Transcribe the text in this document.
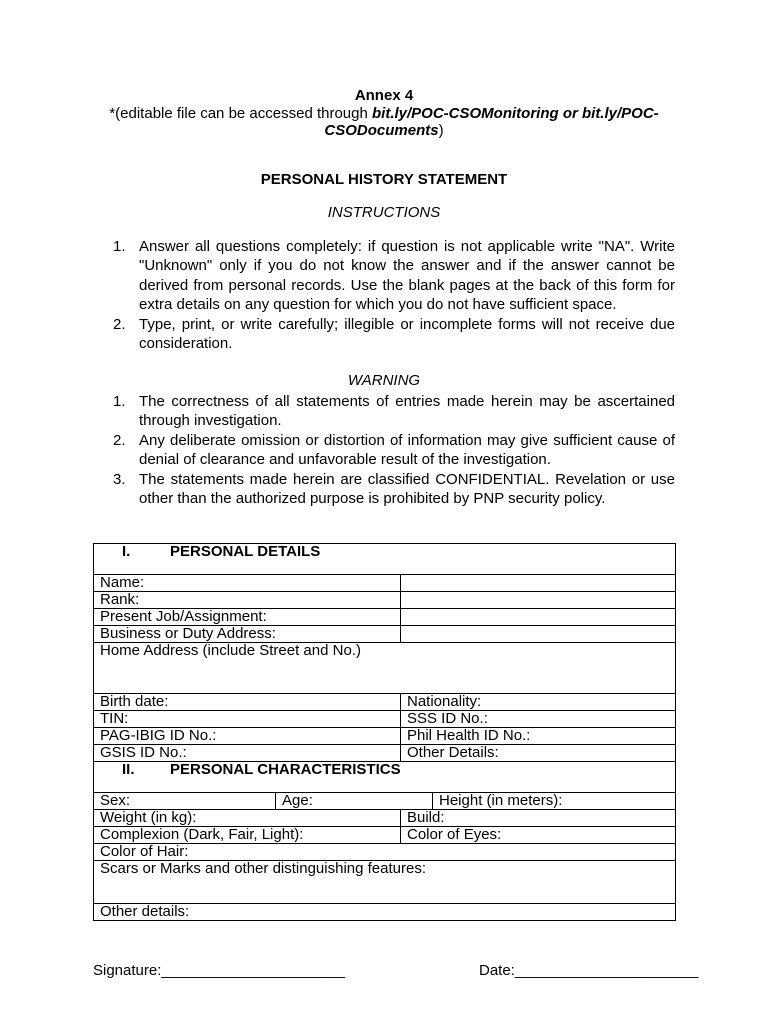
Annex 4
*(editable file can be accessed through bit.ly/POC-CSOMonitoring or bit.ly/POC-CSODocuments)
PERSONAL HISTORY STATEMENT
INSTRUCTIONS
1. Answer all questions completely: if question is not applicable write "NA". Write "Unknown" only if you do not know the answer and if the answer cannot be derived from personal records. Use the blank pages at the back of this form for extra details on any question for which you do not have sufficient space.
2. Type, print, or write carefully; illegible or incomplete forms will not receive due consideration.
WARNING
1. The correctness of all statements of entries made herein may be ascertained through investigation.
2. Any deliberate omission or distortion of information may give sufficient cause of denial of clearance and unfavorable result of the investigation.
3. The statements made herein are classified CONFIDENTIAL. Revelation or use other than the authorized purpose is prohibited by PNP security policy.
I. PERSONAL DETAILS			
Name:			
Rank:			
Present Job/Assignment:			
Business or Duty Address:			
Home Address (include Street and No.)			
Birth date:		Nationality:	
TIN:		SSS ID No.:	
PAG-IBIG ID No.:		Phil Health ID No.:	
GSIS ID No.:		Other Details:	
II. PERSONAL CHARACTERISTICS			
Sex:	Age:		Height (in meters):
Weight (in kg):		Build:	
Complexion (Dark, Fair, Light):		Color of Eyes:	
Color of Hair:			
Scars or Marks and other distinguishing features:			
Other details:			
Signature:______________________	Date:______________________
